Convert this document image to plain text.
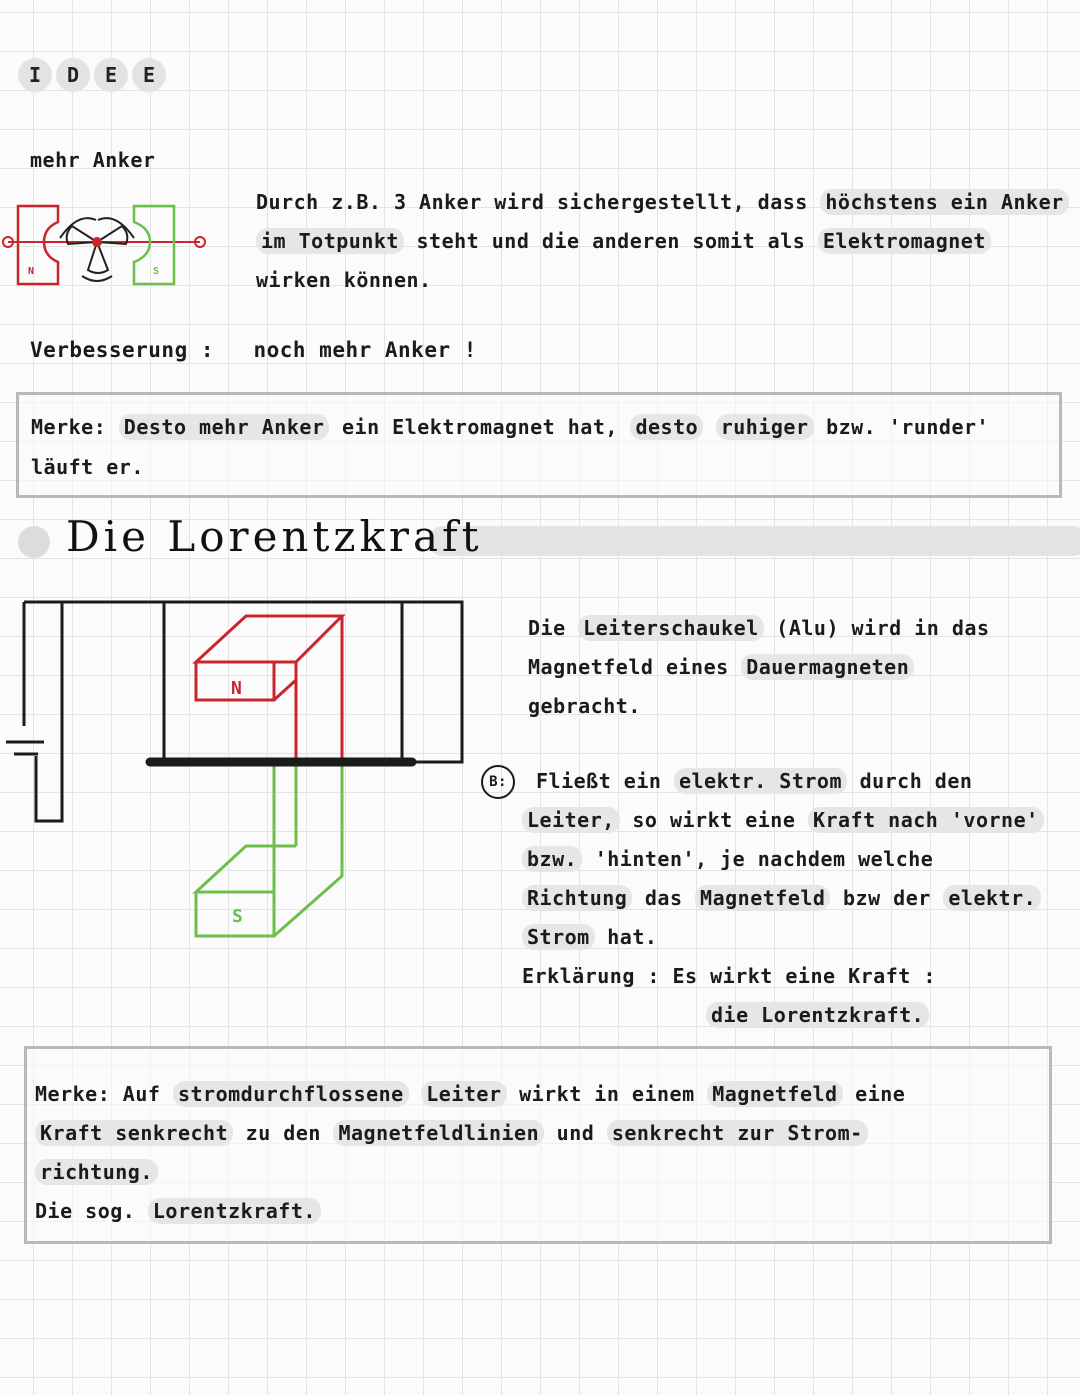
I	D	E	E
mehr Anker
N	S
Durch z.B. 3 Anker wird sichergestellt, dass höchstens ein Anker
im Totpunkt steht und die anderen somit als Elektromagnet
wirken können.
Verbesserung : noch mehr Anker !
Merke: Desto mehr Anker ein Elektromagnet hat, desto ruhiger bzw. 'runder'
läuft er.
Die Lorentzkraft
N
S
Die Leiterschaukel (Alu) wird in das
Magnetfeld eines Dauermagneten
gebracht.
B:	Fließt ein elektr. Strom durch den
Leiter, so wirkt eine Kraft nach 'vorne'
bzw. 'hinten', je nachdem welche
Richtung das Magnetfeld bzw der elektr.
Strom hat.
Erklärung : Es wirkt eine Kraft :
die Lorentzkraft.
Merke: Auf stromdurchflossene Leiter wirkt in einem Magnetfeld eine
Kraft senkrecht zu den Magnetfeldlinien und senkrecht zur Strom-
richtung.
Die sog. Lorentzkraft.
